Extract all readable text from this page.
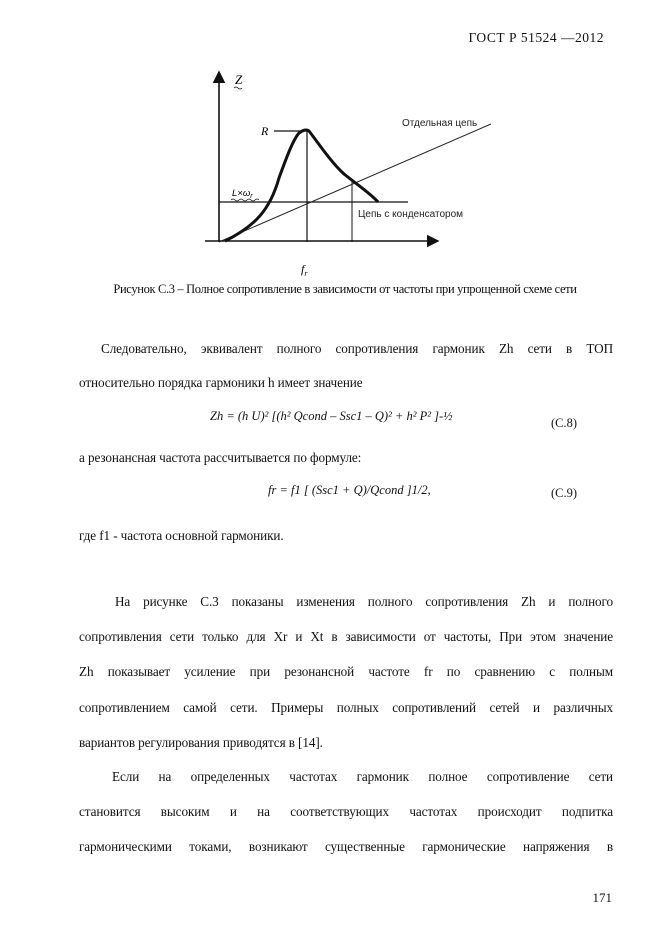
ГОСТ Р 51524 —2012
Z
R
$L\times\omega_r$
Отдельная цепь
Цепь с конденсатором
$f_r$
Рисунок С.3 – Полное сопротивление в зависимости от частоты при упрощенной схеме сети
Следовательно, эквивалент полного сопротивления гармоник Zh сети в ТОП
относительно порядка гармоники h имеет значение
Zh = (h U)² [(h² Qcond – Ssc1 – Q)² + h² P² ]-½	(C.8)
а резонансная частота рассчитывается по формуле:
fr = f1 [ (Ssc1 + Q)/Qcond ]1/2,	(C.9)
где f1 - частота основной гармоники.
На рисунке С.3 показаны изменения полного сопротивления Zh и полного
сопротивления сети только для Xr и Xt в зависимости от частоты, При этом значение
Zh показывает усиление при резонансной частоте fr по сравнению с полным
сопротивлением самой сети. Примеры полных сопротивлений сетей и различных
вариантов регулирования приводятся в [14].
Если на определенных частотах гармоник полное сопротивление сети
становится высоким и на соответствующих частотах происходит подпитка
гармоническими токами, возникают существенные гармонические напряжения в
171
